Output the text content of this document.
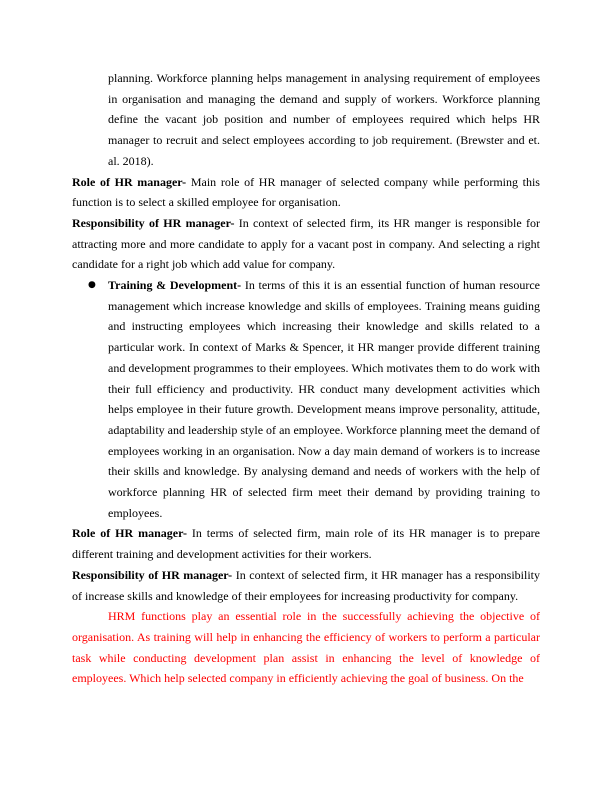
planning. Workforce planning helps management in analysing requirement of employees in organisation and managing the demand and supply of workers. Workforce planning define the vacant job position and number of employees required which helps HR manager to recruit and select employees according to job requirement. (Brewster and et. al. 2018).

Role of HR manager- Main role of HR manager of selected company while performing this function is to select a skilled employee for organisation.

Responsibility of HR manager- In context of selected firm, its HR manger is responsible for attracting more and more candidate to apply for a vacant post in company. And selecting a right candidate for a right job which add value for company.

● Training & Development- In terms of this it is an essential function of human resource management which increase knowledge and skills of employees. Training means guiding and instructing employees which increasing their knowledge and skills related to a particular work. In context of Marks & Spencer, it HR manger provide different training and development programmes to their employees. Which motivates them to do work with their full efficiency and productivity. HR conduct many development activities which helps employee in their future growth. Development means improve personality, attitude, adaptability and leadership style of an employee. Workforce planning meet the demand of employees working in an organisation. Now a day main demand of workers is to increase their skills and knowledge. By analysing demand and needs of workers with the help of workforce planning HR of selected firm meet their demand by providing training to employees.

Role of HR manager- In terms of selected firm, main role of its HR manager is to prepare different training and development activities for their workers.

Responsibility of HR manager- In context of selected firm, it HR manager has a responsibility of increase skills and knowledge of their employees for increasing productivity for company.

HRM functions play an essential role in the successfully achieving the objective of organisation. As training will help in enhancing the efficiency of workers to perform a particular task while conducting development plan assist in enhancing the level of knowledge of employees. Which help selected company in efficiently achieving the goal of business. On the
